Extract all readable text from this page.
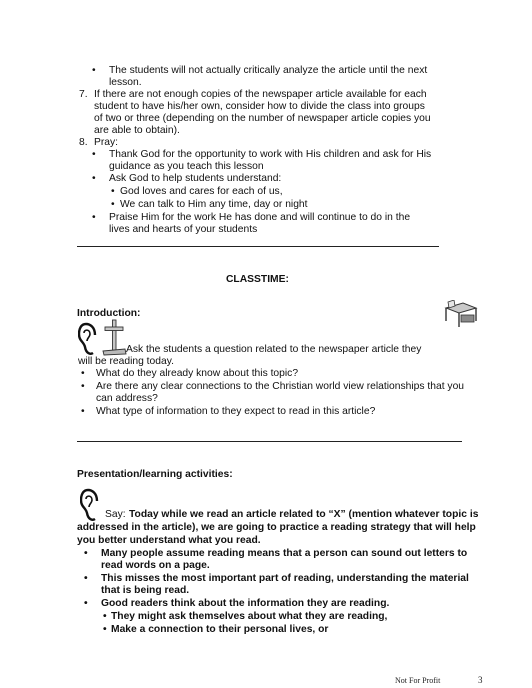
• The students will not actually critically analyze the article until the next
lesson.
7. If there are not enough copies of the newspaper article available for each
student to have his/her own, consider how to divide the class into groups
of two or three (depending on the number of newspaper article copies you
are able to obtain).
8. Pray:
• Thank God for the opportunity to work with His children and ask for His
guidance as you teach this lesson
• Ask God to help students understand:
• God loves and cares for each of us,
• We can talk to Him any time, day or night
• Praise Him for the work He has done and will continue to do in the
lives and hearts of your students
CLASSTIME:
Introduction:
Ask the students a question related to the newspaper article they
will be reading today.
• What do they already know about this topic?
• Are there any clear connections to the Christian world view relationships that you
can address?
• What type of information to they expect to read in this article?
Presentation/learning activities:
Say: Today while we read an article related to “X” (mention whatever topic is
addressed in the article), we are going to practice a reading strategy that will help
you better understand what you read.
• Many people assume reading means that a person can sound out letters to
read words on a page.
• This misses the most important part of reading, understanding the material
that is being read.
• Good readers think about the information they are reading.
• They might ask themselves about what they are reading,
• Make a connection to their personal lives, or
Not For Profit	3
